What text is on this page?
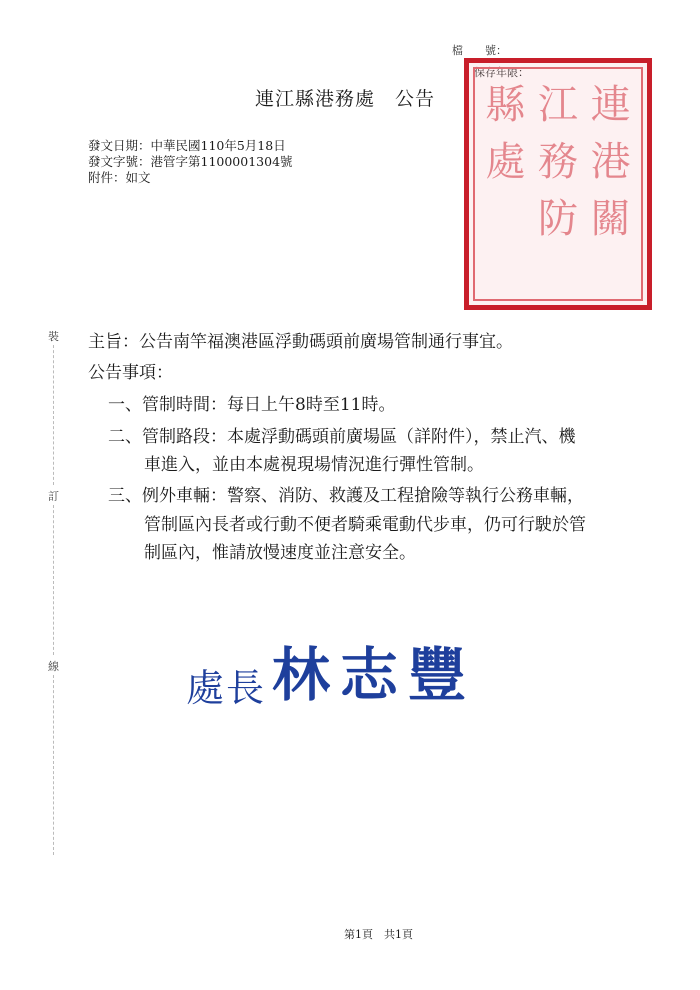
檔　　號：
保存年限：
連
江
縣
港
務
處
關
防
連江縣港務處　公告
發文日期：中華民國110年5月18日
發文字號：港管字第1100001304號
附件：如文
裝
訂
線
主旨：公告南竿福澳港區浮動碼頭前廣場管制通行事宜。
公告事項：
一、管制時間：每日上午8時至11時。
二、管制路段：本處浮動碼頭前廣場區（詳附件），禁止汽、機
車進入，並由本處視現場情況進行彈性管制。
三、例外車輛：警察、消防、救護及工程搶險等執行公務車輛，
管制區內長者或行動不便者騎乘電動代步車，仍可行駛於管
制區內，惟請放慢速度並注意安全。
處長 林志豐
第1頁　共1頁
